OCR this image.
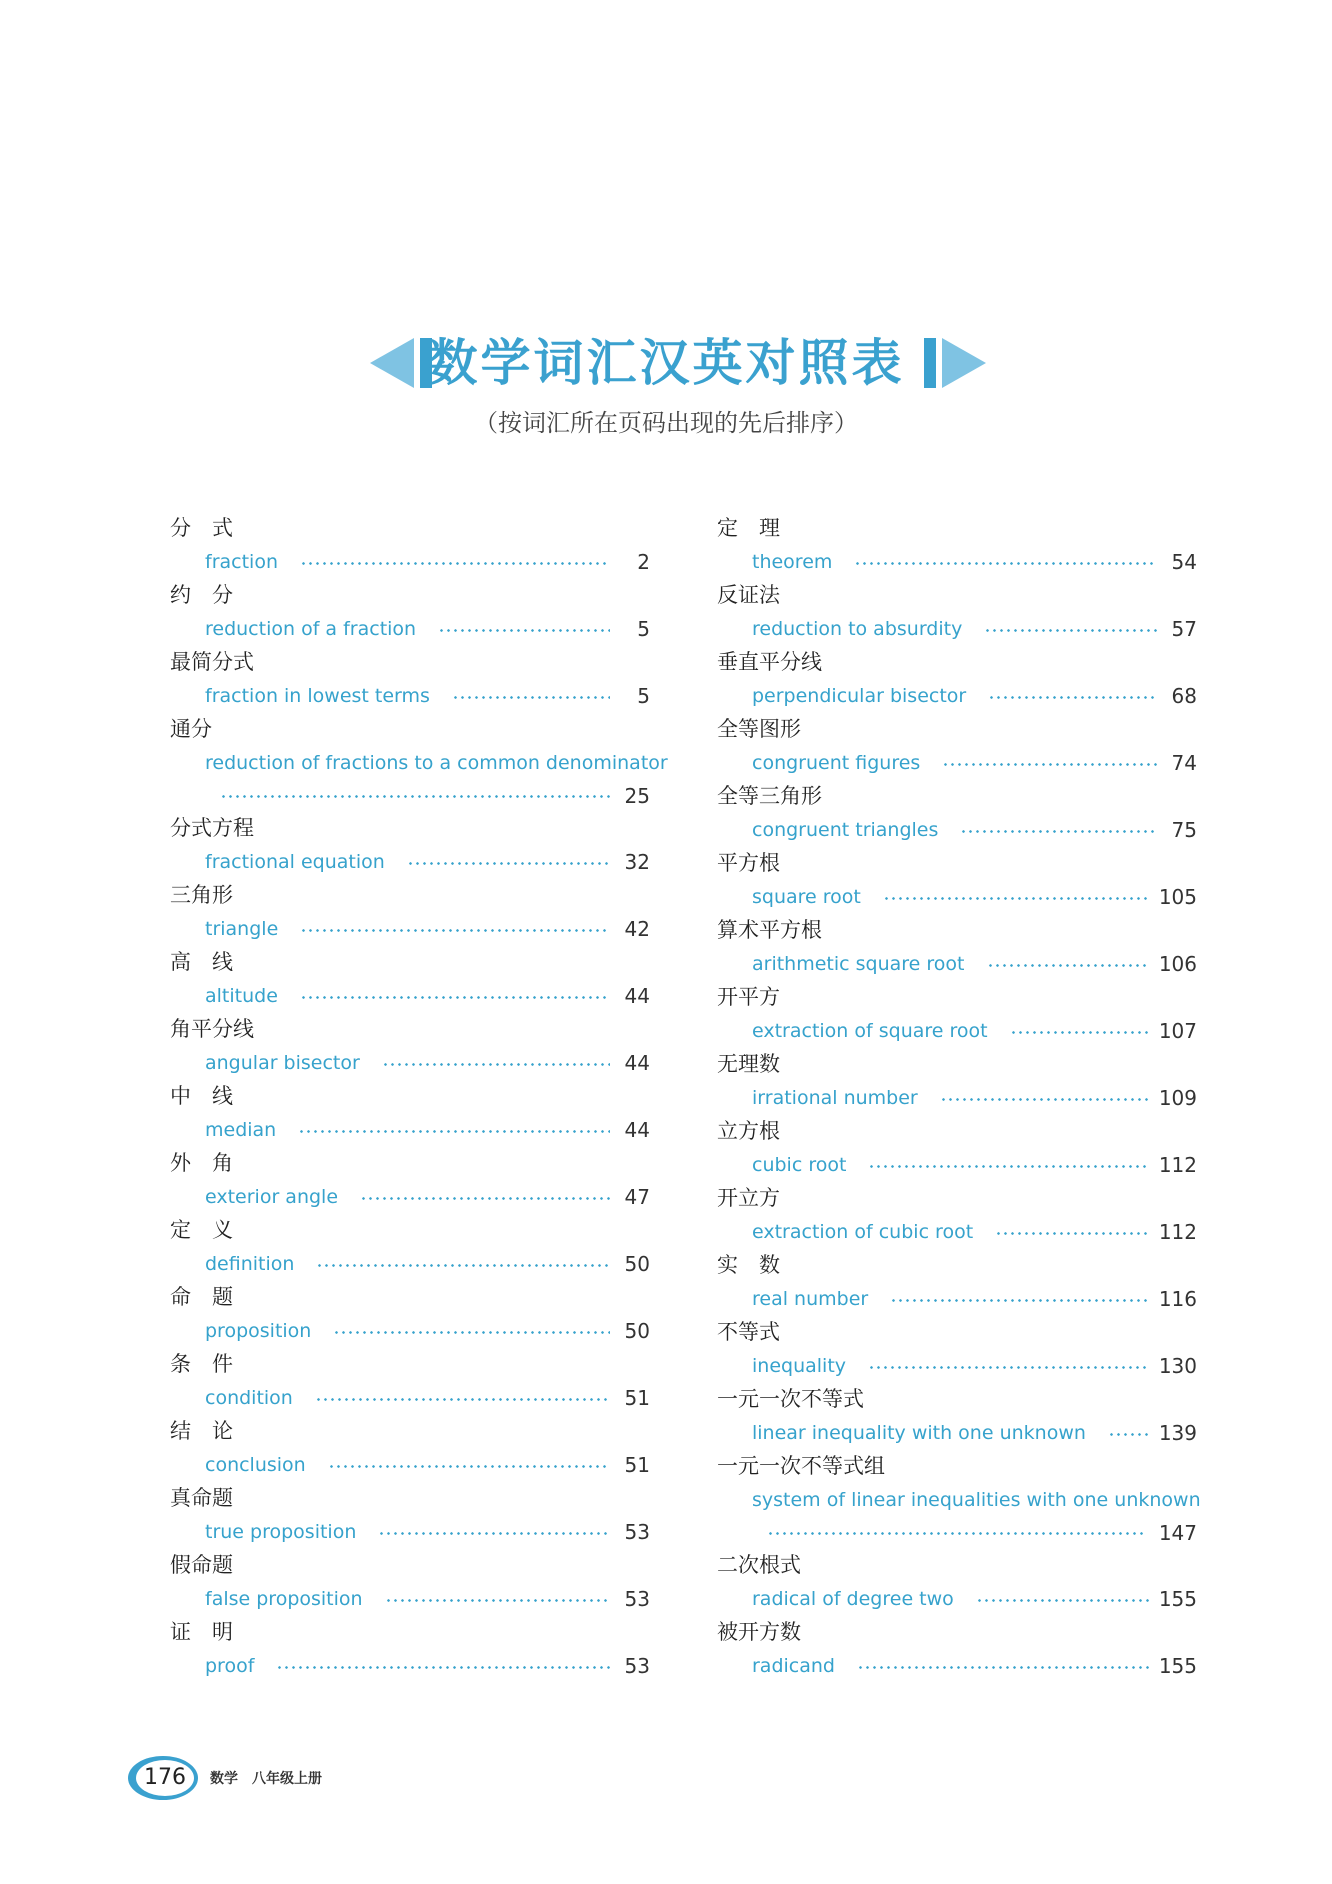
数学词汇汉英对照表
（按词汇所在页码出现的先后排序）
分　式
fraction	2
约　分
reduction of a fraction	5
最简分式
fraction in lowest terms	5
通分
reduction of fractions to a common denominator
25
分式方程
fractional equation	32
三角形
triangle	42
高　线
altitude	44
角平分线
angular bisector	44
中　线
median	44
外　角
exterior angle	47
定　义
definition	50
命　题
proposition	50
条　件
condition	51
结　论
conclusion	51
真命题
true proposition	53
假命题
false proposition	53
证　明
proof	53
定　理
theorem	54
反证法
reduction to absurdity	57
垂直平分线
perpendicular bisector	68
全等图形
congruent figures	74
全等三角形
congruent triangles	75
平方根
square root	105
算术平方根
arithmetic square root	106
开平方
extraction of square root	107
无理数
irrational number	109
立方根
cubic root	112
开立方
extraction of cubic root	112
实　数
real number	116
不等式
inequality	130
一元一次不等式
linear inequality with one unknown	139
一元一次不等式组
system of linear inequalities with one unknown
147
二次根式
radical of degree two	155
被开方数
radicand	155
176	数学　八年级上册
